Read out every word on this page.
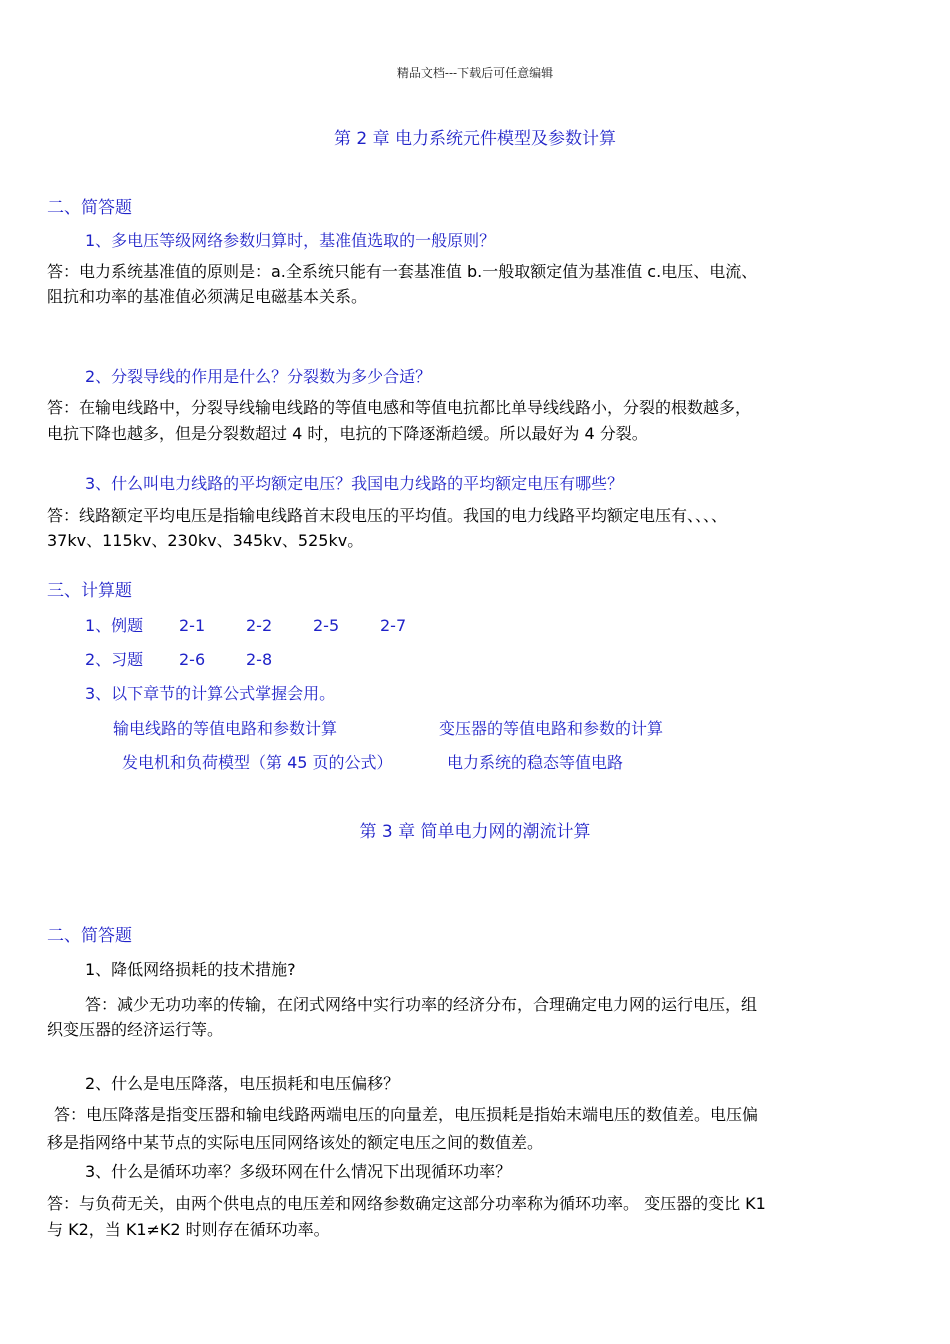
精品文档---下载后可任意编辑
第 2 章 电力系统元件模型及参数计算
二、简答题
1、多电压等级网络参数归算时，基准值选取的一般原则？
答：电力系统基准值的原则是：a.全系统只能有一套基准值 b.一般取额定值为基准值 c.电压、电流、
阻抗和功率的基准值必须满足电磁基本关系。
2、分裂导线的作用是什么？分裂数为多少合适？
答：在输电线路中，分裂导线输电线路的等值电感和等值电抗都比单导线线路小，分裂的根数越多，
电抗下降也越多，但是分裂数超过 4 时，电抗的下降逐渐趋缓。所以最好为 4 分裂。
3、什么叫电力线路的平均额定电压？我国电力线路的平均额定电压有哪些？
答：线路额定平均电压是指输电线路首末段电压的平均值。我国的电力线路平均额定电压有、、、、
37kv、115kv、230kv、345kv、525kv。
三、计算题
1、例题 2-1	2-2	2-5	2-7
2、习题 2-6	2-8
3、以下章节的计算公式掌握会用。
输电线路的等值电路和参数计算	变压器的等值电路和参数的计算
发电机和负荷模型（第 45 页的公式）	电力系统的稳态等值电路
第 3 章 简单电力网的潮流计算
二、简答题
1、降低网络损耗的技术措施?
答：减少无功功率的传输，在闭式网络中实行功率的经济分布，合理确定电力网的运行电压，组
织变压器的经济运行等。
2、什么是电压降落，电压损耗和电压偏移？
答：电压降落是指变压器和输电线路两端电压的向量差，电压损耗是指始末端电压的数值差。电压偏
移是指网络中某节点的实际电压同网络该处的额定电压之间的数值差。
3、什么是循环功率？多级环网在什么情况下出现循环功率？
答：与负荷无关，由两个供电点的电压差和网络参数确定这部分功率称为循环功率。 变压器的变比 K1
与 K2，当 K1≠K2 时则存在循环功率。
